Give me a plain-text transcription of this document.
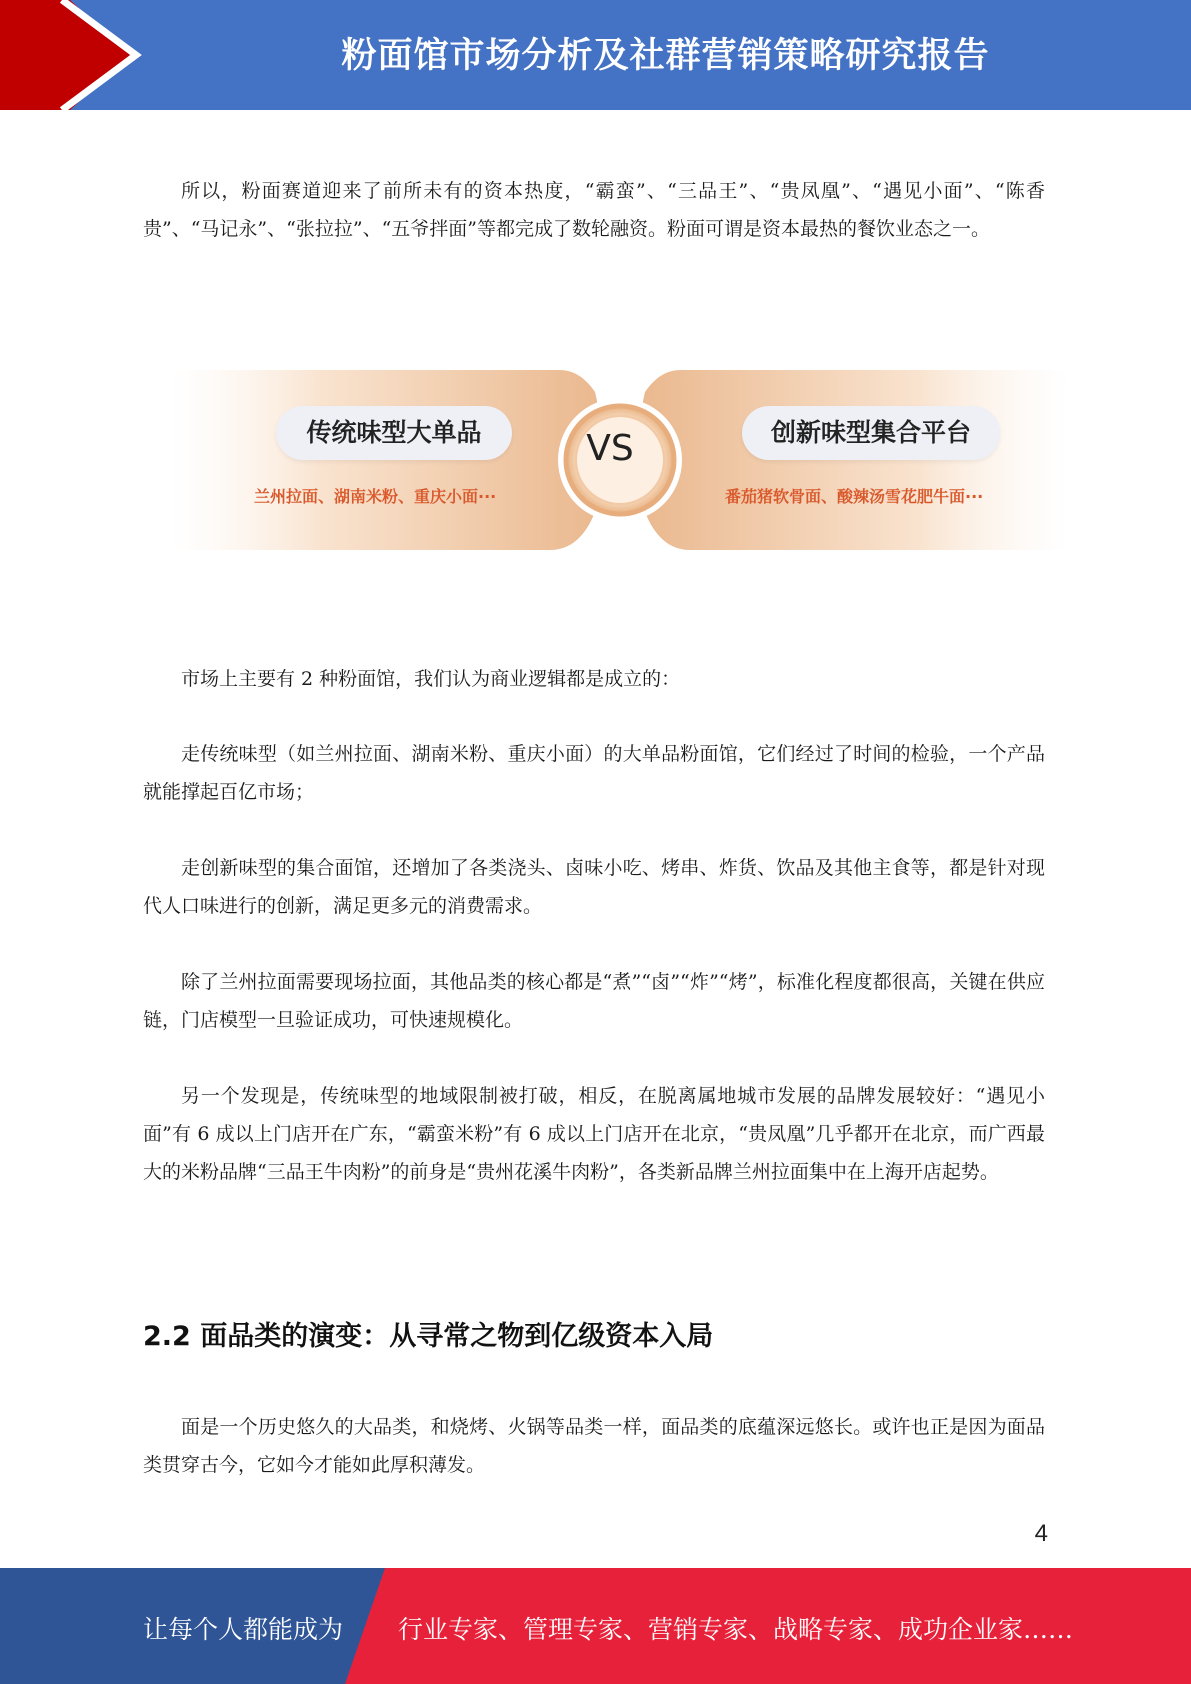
粉面馆市场分析及社群营销策略研究报告

所以，粉面赛道迎来了前所未有的资本热度，“霸蛮”、“三品王”、“贵凤凰”、“遇见小面”、“陈香贵”、“马记永”、“张拉拉”、“五爷拌面”等都完成了数轮融资。粉面可谓是资本最热的餐饮业态之一。

传统味型大单品
兰州拉面、湖南米粉、重庆小面···
VS	创新味型集合平台
番茄猪软骨面、酸辣汤雪花肥牛面···

市场上主要有 2 种粉面馆，我们认为商业逻辑都是成立的：

走传统味型（如兰州拉面、湖南米粉、重庆小面）的大单品粉面馆，它们经过了时间的检验，一个产品就能撑起百亿市场；

走创新味型的集合面馆，还增加了各类浇头、卤味小吃、烤串、炸货、饮品及其他主食等，都是针对现代人口味进行的创新，满足更多元的消费需求。

除了兰州拉面需要现场拉面，其他品类的核心都是“煮”“卤”“炸”“烤”，标准化程度都很高，关键在供应链，门店模型一旦验证成功，可快速规模化。

另一个发现是，传统味型的地域限制被打破，相反，在脱离属地城市发展的品牌发展较好：“遇见小面”有 6 成以上门店开在广东，“霸蛮米粉”有 6 成以上门店开在北京，“贵凤凰”几乎都开在北京，而广西最大的米粉品牌“三品王牛肉粉”的前身是“贵州花溪牛肉粉”，各类新品牌兰州拉面集中在上海开店起势。

2.2 面品类的演变：从寻常之物到亿级资本入局

面是一个历史悠久的大品类，和烧烤、火锅等品类一样，面品类的底蕴深远悠长。或许也正是因为面品类贯穿古今，它如今才能如此厚积薄发。

4
让每个人都能成为 行业专家、管理专家、营销专家、战略专家、成功企业家……
